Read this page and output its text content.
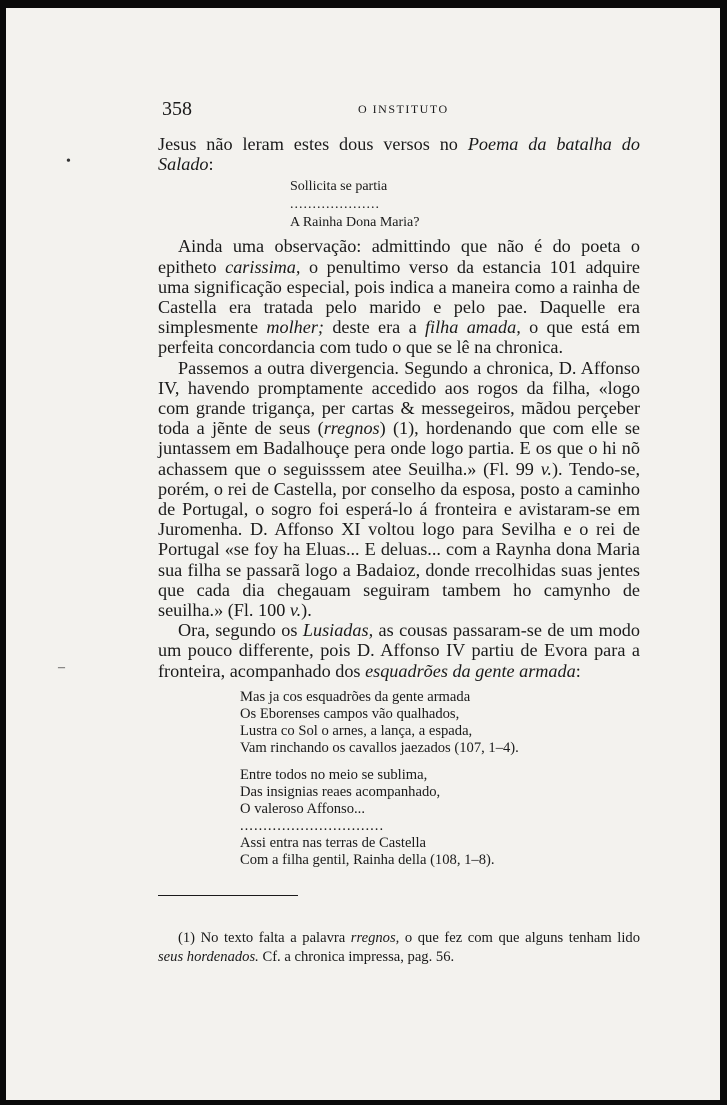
358	O INSTITUTO
•
–

Jesus não leram estes dous versos no Poema da batalha do Salado:

Sollicita se partia
....................
A Rainha Dona Maria?

Ainda uma observação: admittindo que não é do poeta o epitheto carissima, o penultimo verso da estancia 101 adquire uma significação especial, pois indica a maneira como a rainha de Castella era tratada pelo marido e pelo pae. Daquelle era simplesmente molher; deste era a filha amada, o que está em perfeita concordancia com tudo o que se lê na chronica.

Passemos a outra divergencia. Segundo a chronica, D. Affonso IV, havendo promptamente accedido aos rogos da filha, «logo com grande trigança, per cartas & messegeiros, mãdou perçeber toda a jẽnte de seus (rregnos) (1), hordenando que com elle se juntassem em Badalhouçe pera onde logo partia. E os que o hi nõ achassem que o seguisssem atee Seuilha.» (Fl. 99 v.). Tendo-se, porém, o rei de Castella, por conselho da esposa, posto a caminho de Portugal, o sogro foi esperá-lo á fronteira e avistaram-se em Juromenha. D. Affonso XI voltou logo para Sevilha e o rei de Portugal «se foy ha Eluas... E deluas... com a Raynha dona Maria sua filha se passarã logo a Badaioz, donde rrecolhidas suas jentes que cada dia chegauam seguiram tambem ho camynho de seuilha.» (Fl. 100 v.).

Ora, segundo os Lusiadas, as cousas passaram-se de um modo um pouco differente, pois D. Affonso IV partiu de Evora para a fronteira, acompanhado dos esquadrões da gente armada:

Mas ja cos esquadrões da gente armada
Os Eborenses campos vão qualhados,
Lustra co Sol o arnes, a lança, a espada,
Vam rinchando os cavallos jaezados (107, 1–4).
Entre todos no meio se sublima,
Das insignias reaes acompanhado,
O valeroso Affonso...
...............................
Assi entra nas terras de Castella
Com a filha gentil, Rainha della (108, 1–8).

(1) No texto falta a palavra rregnos, o que fez com que alguns tenham lido seus hordenados. Cf. a chronica impressa, pag. 56.
